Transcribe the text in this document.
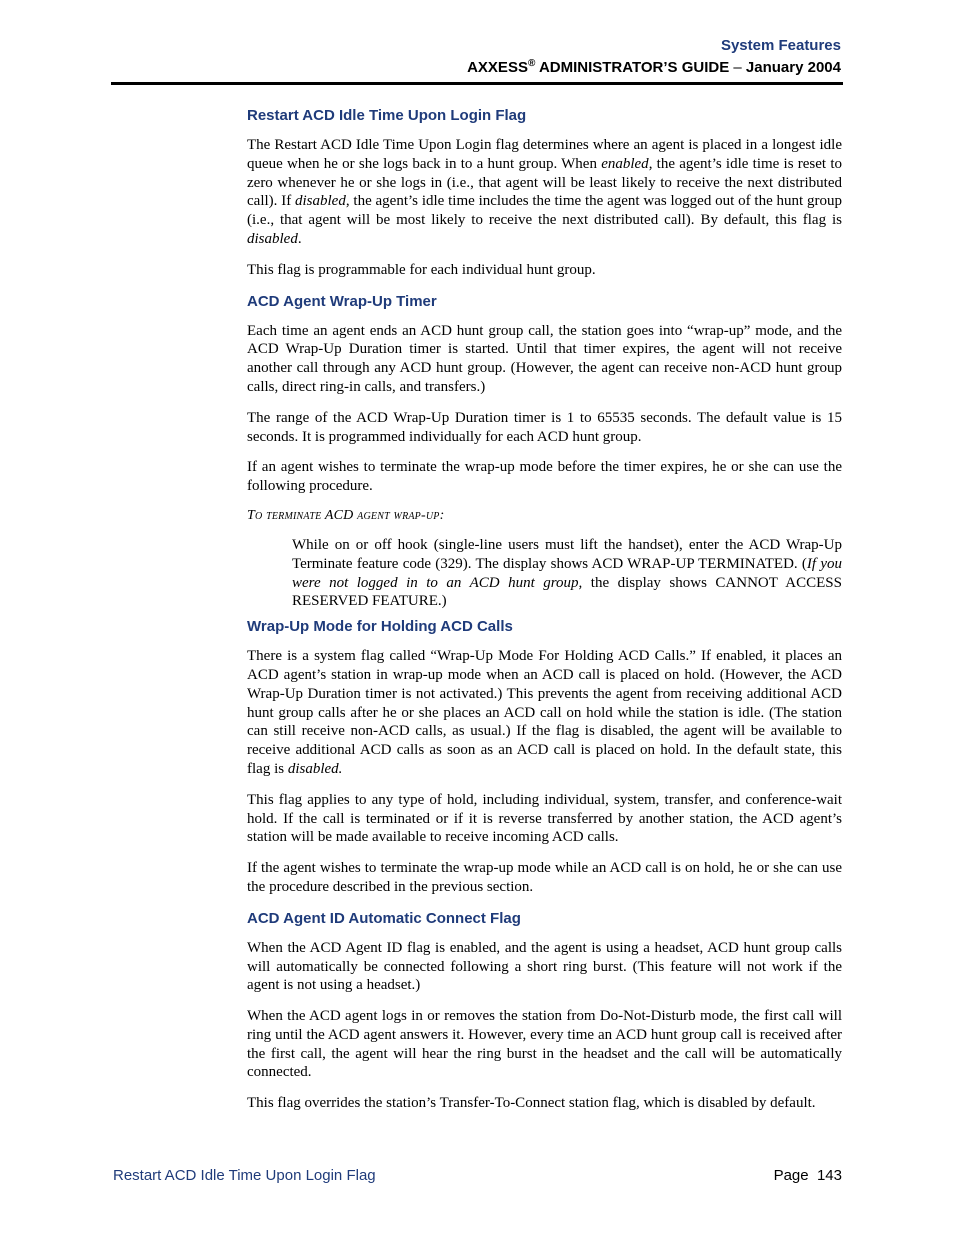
System Features
AXXESS® ADMINISTRATOR’S GUIDE – January 2004
Restart ACD Idle Time Upon Login Flag

The Restart ACD Idle Time Upon Login flag determines where an agent is placed in a longest idle queue when he or she logs back in to a hunt group. When enabled, the agent’s idle time is reset to zero whenever he or she logs in (i.e., that agent will be least likely to receive the next distributed call). If disabled, the agent’s idle time includes the time the agent was logged out of the hunt group (i.e., that agent will be most likely to receive the next distributed call). By default, this flag is disabled.

This flag is programmable for each individual hunt group.

ACD Agent Wrap-Up Timer

Each time an agent ends an ACD hunt group call, the station goes into “wrap-up” mode, and the ACD Wrap-Up Duration timer is started. Until that timer expires, the agent will not receive another call through any ACD hunt group. (However, the agent can receive non-ACD hunt group calls, direct ring-in calls, and transfers.)

The range of the ACD Wrap-Up Duration timer is 1 to 65535 seconds. The default value is 15 seconds. It is programmed individually for each ACD hunt group.

If an agent wishes to terminate the wrap-up mode before the timer expires, he or she can use the following procedure.

To terminate ACD agent wrap-up:

While on or off hook (single-line users must lift the handset), enter the ACD Wrap-Up Terminate feature code (329). The display shows ACD WRAP-UP TERMINATED. (If you were not logged in to an ACD hunt group, the display shows CANNOT ACCESS RESERVED FEATURE.)

Wrap-Up Mode for Holding ACD Calls

There is a system flag called “Wrap-Up Mode For Holding ACD Calls.” If enabled, it places an ACD agent’s station in wrap-up mode when an ACD call is placed on hold. (However, the ACD Wrap-Up Duration timer is not activated.) This prevents the agent from receiving additional ACD hunt group calls after he or she places an ACD call on hold while the station is idle. (The station can still receive non-ACD calls, as usual.) If the flag is disabled, the agent will be available to receive additional ACD calls as soon as an ACD call is placed on hold. In the default state, this flag is disabled.

This flag applies to any type of hold, including individual, system, transfer, and conference-wait hold. If the call is terminated or if it is reverse transferred by another station, the ACD agent’s station will be made available to receive incoming ACD calls.

If the agent wishes to terminate the wrap-up mode while an ACD call is on hold, he or she can use the procedure described in the previous section.

ACD Agent ID Automatic Connect Flag

When the ACD Agent ID flag is enabled, and the agent is using a headset, ACD hunt group calls will automatically be connected following a short ring burst. (This feature will not work if the agent is not using a headset.)

When the ACD agent logs in or removes the station from Do-Not-Disturb mode, the first call will ring until the ACD agent answers it. However, every time an ACD hunt group call is received after the first call, the agent will hear the ring burst in the headset and the call will be automatically connected.

This flag overrides the station’s Transfer-To-Connect station flag, which is disabled by default.

Restart ACD Idle Time Upon Login Flag	Page 143
